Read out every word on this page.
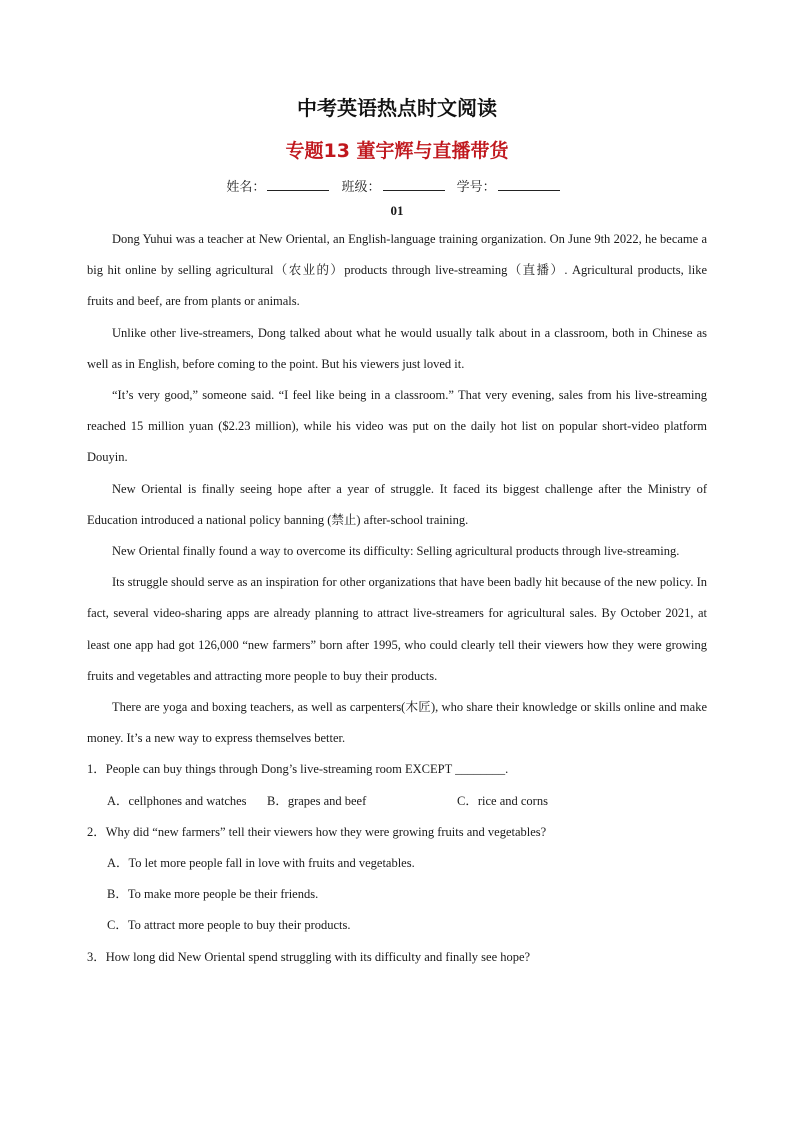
中考英语热点时文阅读
专题13 董宇辉与直播带货
姓名：	班级：	学号：
01

Dong Yuhui was a teacher at New Oriental, an English-language training organization. On June 9th 2022, he became a big hit online by selling agricultural（农业的）products through live-streaming（直播）. Agricultural products, like fruits and beef, are from plants or animals.

Unlike other live-streamers, Dong talked about what he would usually talk about in a classroom, both in Chinese as well as in English, before coming to the point. But his viewers just loved it.

“It’s very good,” someone said. “I feel like being in a classroom.” That very evening, sales from his live-streaming reached 15 million yuan ($2.23 million), while his video was put on the daily hot list on popular short-video platform Douyin.

New Oriental is finally seeing hope after a year of struggle. It faced its biggest challenge after the Ministry of Education introduced a national policy banning (禁止) after-school training.

New Oriental finally found a way to overcome its difficulty: Selling agricultural products through live-streaming.

Its struggle should serve as an inspiration for other organizations that have been badly hit because of the new policy. In fact, several video-sharing apps are already planning to attract live-streamers for agricultural sales. By October 2021, at least one app had got 126,000 “new farmers” born after 1995, who could clearly tell their viewers how they were growing fruits and vegetables and attracting more people to buy their products.

There are yoga and boxing teachers, as well as carpenters(木匠), who share their knowledge or skills online and make money. It’s a new way to express themselves better.

1．People can buy things through Dong’s live-streaming room EXCEPT ________.

A．cellphones and watches B．grapes and beef	C．rice and corns

2．Why did “new farmers” tell their viewers how they were growing fruits and vegetables?

A．To let more people fall in love with fruits and vegetables.

B．To make more people be their friends.

C．To attract more people to buy their products.

3．How long did New Oriental spend struggling with its difficulty and finally see hope?
